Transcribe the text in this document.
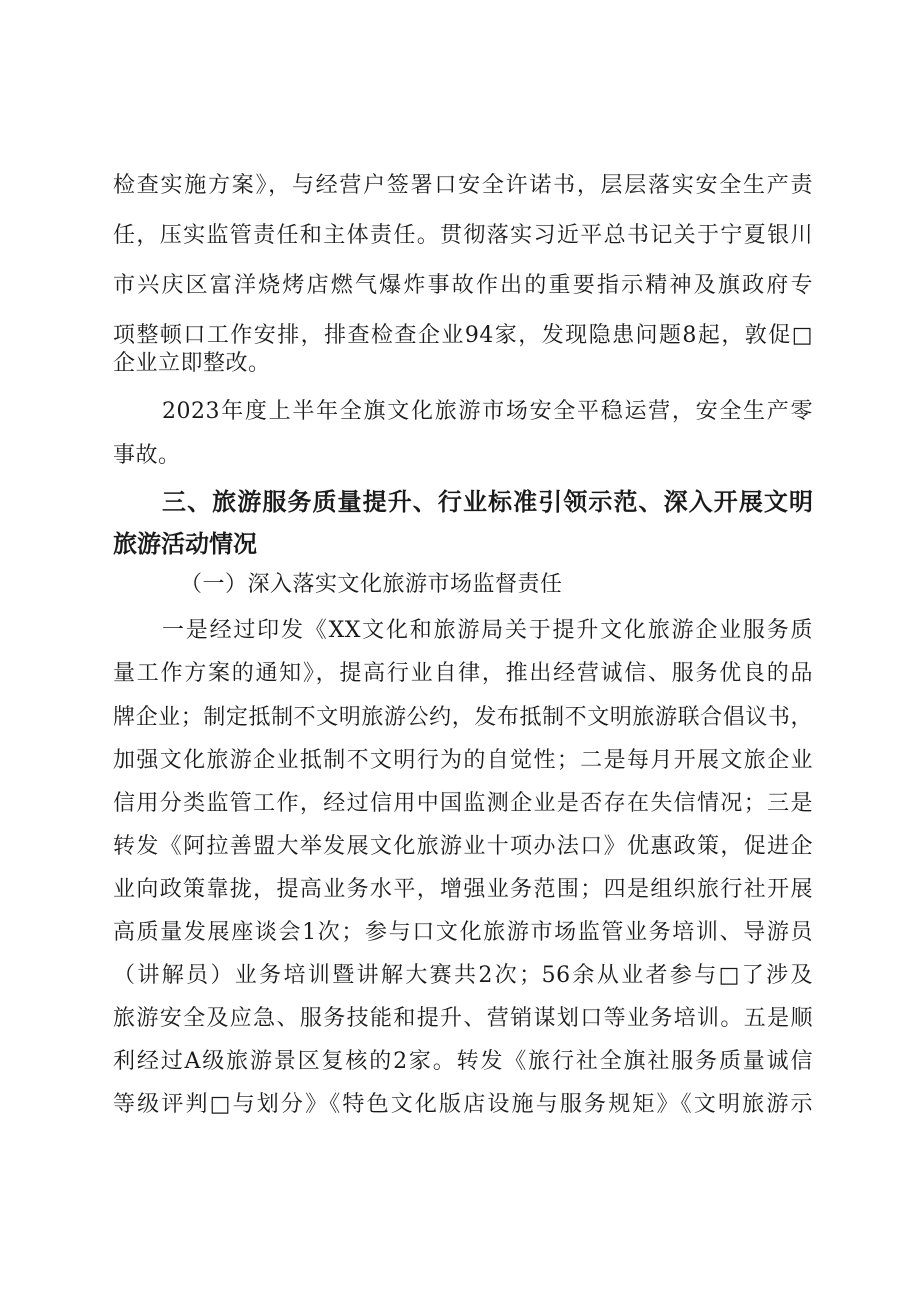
检查实施方案》，与经营户签署口安全许诺书，层层落实安全生产责
任，压实监管责任和主体责任。贯彻落实习近平总书记关于宁夏银川
市兴庆区富洋烧烤店燃气爆炸事故作出的重要指示精神及旗政府专
项整顿口工作安排，排查检查企业94家，发现隐患问题8起，敦促□
企业立即整改。
2023年度上半年全旗文化旅游市场安全平稳运营，安全生产零
事故。
三、旅游服务质量提升、行业标准引领示范、深入开展文明
旅游活动情况
（一）深入落实文化旅游市场监督责任
一是经过印发《XX文化和旅游局关于提升文化旅游企业服务质
量工作方案的通知》，提高行业自律，推出经营诚信、服务优良的品
牌企业；制定抵制不文明旅游公约，发布抵制不文明旅游联合倡议书，
加强文化旅游企业抵制不文明行为的自觉性；二是每月开展文旅企业
信用分类监管工作，经过信用中国监测企业是否存在失信情况；三是
转发《阿拉善盟大举发展文化旅游业十项办法口》优惠政策，促进企
业向政策靠拢，提高业务水平，增强业务范围；四是组织旅行社开展
高质量发展座谈会1次；参与口文化旅游市场监管业务培训、导游员
（讲解员）业务培训暨讲解大赛共2次；56余从业者参与□了涉及
旅游安全及应急、服务技能和提升、营销谋划口等业务培训。五是顺
利经过A级旅游景区复核的2家。转发《旅行社全旗社服务质量诚信
等级评判□与划分》《特色文化版店设施与服务规矩》《文明旅游示
